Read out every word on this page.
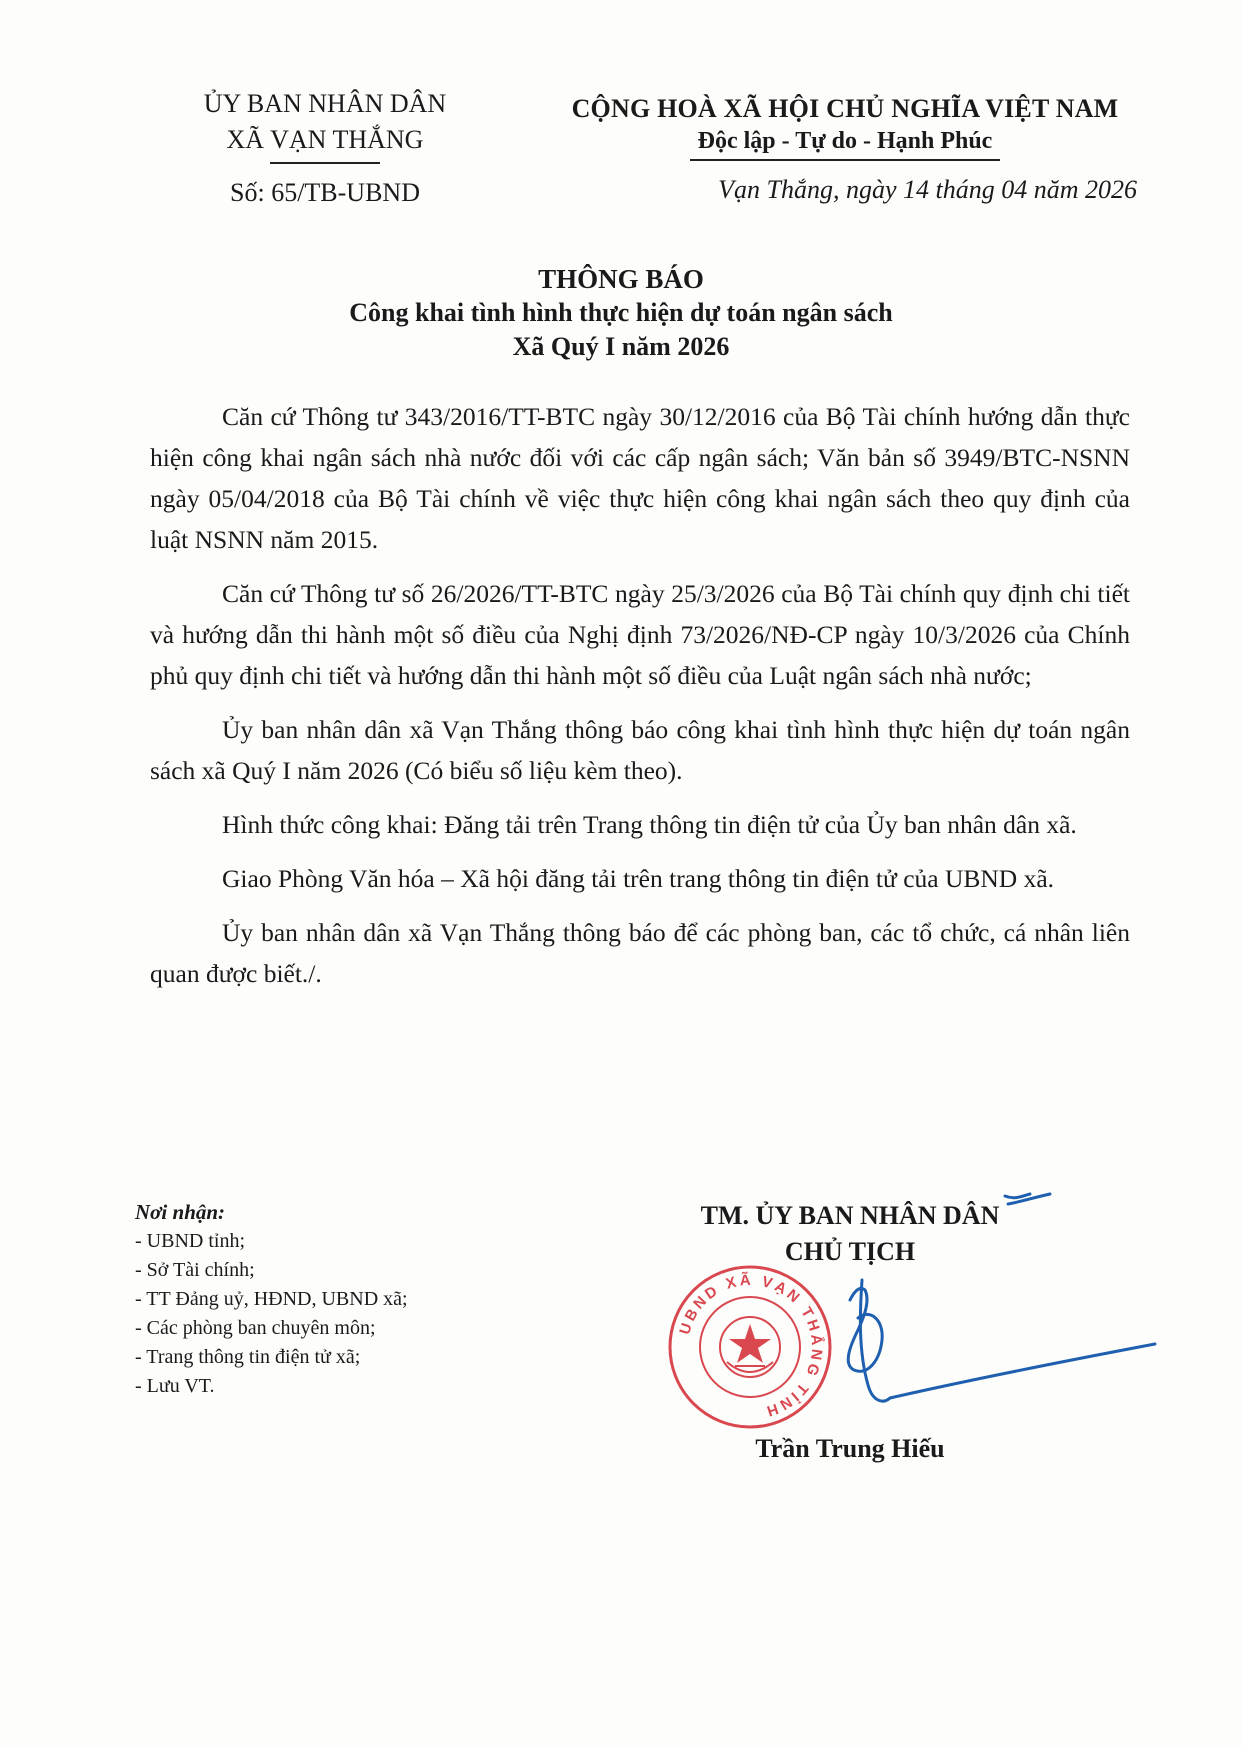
ỦY BAN NHÂN DÂN
XÃ VẠN THẮNG
Số: 65/TB-UBND
CỘNG HOÀ XÃ HỘI CHỦ NGHĨA VIỆT NAM
Độc lập - Tự do - Hạnh Phúc
Vạn Thắng, ngày 14 tháng 04 năm 2026
THÔNG BÁO
Công khai tình hình thực hiện dự toán ngân sách
Xã Quý I năm 2026

Căn cứ Thông tư 343/2016/TT-BTC ngày 30/12/2016 của Bộ Tài chính hướng dẫn thực hiện công khai ngân sách nhà nước đối với các cấp ngân sách; Văn bản số 3949/BTC-NSNN ngày 05/04/2018 của Bộ Tài chính về việc thực hiện công khai ngân sách theo quy định của luật NSNN năm 2015.

Căn cứ Thông tư số 26/2026/TT-BTC ngày 25/3/2026 của Bộ Tài chính quy định chi tiết và hướng dẫn thi hành một số điều của Nghị định 73/2026/NĐ-CP ngày 10/3/2026 của Chính phủ quy định chi tiết và hướng dẫn thi hành một số điều của Luật ngân sách nhà nước;

Ủy ban nhân dân xã Vạn Thắng thông báo công khai tình hình thực hiện dự toán ngân sách xã Quý I năm 2026 (Có biểu số liệu kèm theo).

Hình thức công khai: Đăng tải trên Trang thông tin điện tử của Ủy ban nhân dân xã.

Giao Phòng Văn hóa – Xã hội đăng tải trên trang thông tin điện tử của UBND xã.

Ủy ban nhân dân xã Vạn Thắng thông báo để các phòng ban, các tổ chức, cá nhân liên quan được biết./.

Nơi nhận:
- UBND tỉnh;
- Sở Tài chính;
- TT Đảng uỷ, HĐND, UBND xã;
- Các phòng ban chuyên môn;
- Trang thông tin điện tử xã;
- Lưu VT.
TM. ỦY BAN NHÂN DÂN
CHỦ TỊCH
Trần Trung Hiếu
UBND XÃ VẠN THẮNG TỈNH
